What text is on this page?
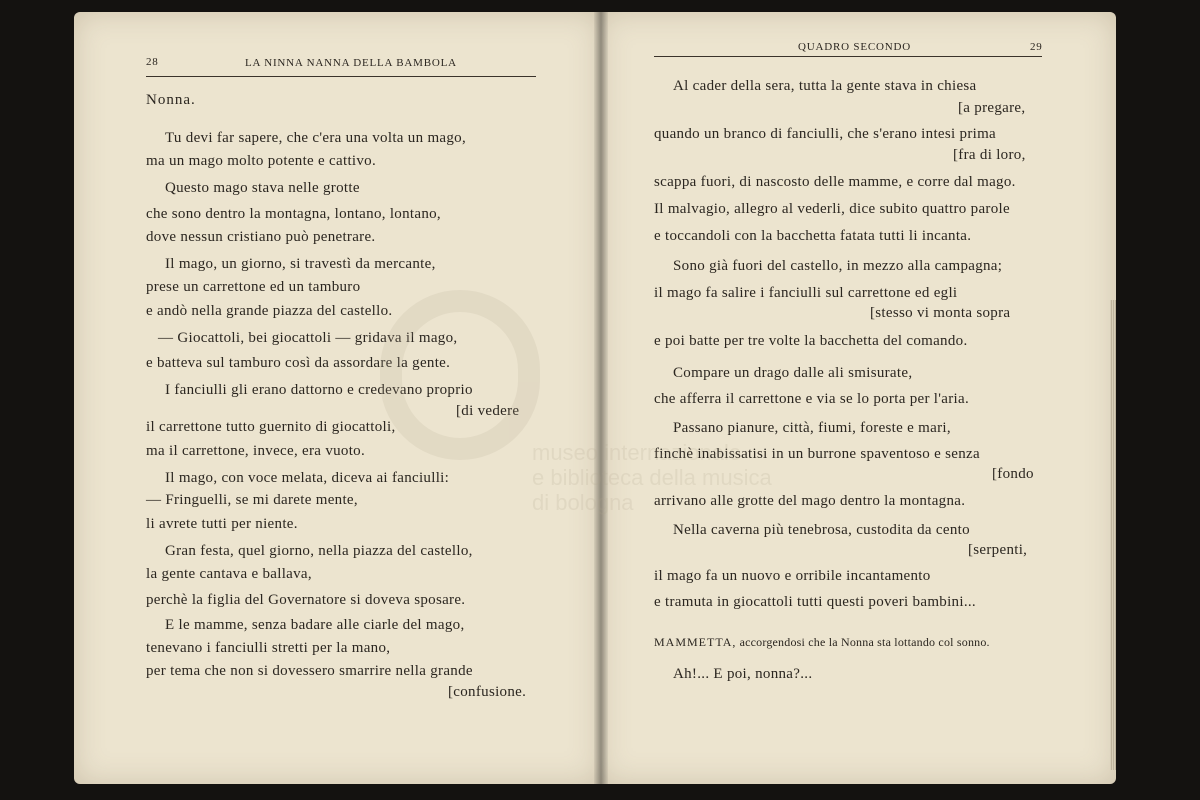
28	LA NINNA NANNA DELLA BAMBOLA
QUADRO SECONDO	29
Nonna.
Tu devi far sapere, che c'era una volta un mago,
ma un mago molto potente e cattivo.
Questo mago stava nelle grotte
che sono dentro la montagna, lontano, lontano,
dove nessun cristiano può penetrare.
Il mago, un giorno, si travestì da mercante,
prese un carrettone ed un tamburo
e andò nella grande piazza del castello.
— Giocattoli, bei giocattoli — gridava il mago,
e batteva sul tamburo così da assordare la gente.
I fanciulli gli erano dattorno e credevano proprio
[di vedere
il carrettone tutto guernito di giocattoli,
ma il carrettone, invece, era vuoto.
Il mago, con voce melata, diceva ai fanciulli:
— Fringuelli, se mi darete mente,
li avrete tutti per niente.
Gran festa, quel giorno, nella piazza del castello,
la gente cantava e ballava,
perchè la figlia del Governatore si doveva sposare.
E le mamme, senza badare alle ciarle del mago,
tenevano i fanciulli stretti per la mano,
per tema che non si dovessero smarrire nella grande
[confusione.
Al cader della sera, tutta la gente stava in chiesa
[a pregare,
quando un branco di fanciulli, che s'erano intesi prima
[fra di loro,
scappa fuori, di nascosto delle mamme, e corre dal mago.
Il malvagio, allegro al vederli, dice subito quattro parole
e toccandoli con la bacchetta fatata tutti li incanta.
Sono già fuori del castello, in mezzo alla campagna;
il mago fa salire i fanciulli sul carrettone ed egli
[stesso vi monta sopra
e poi batte per tre volte la bacchetta del comando.
Compare un drago dalle ali smisurate,
che afferra il carrettone e via se lo porta per l'aria.
Passano pianure, città, fiumi, foreste e mari,
finchè inabissatisi in un burrone spaventoso e senza
[fondo
arrivano alle grotte del mago dentro la montagna.
Nella caverna più tenebrosa, custodita da cento
[serpenti,
il mago fa un nuovo e orribile incantamento
e tramuta in giocattoli tutti questi poveri bambini...
MAMMETTA, accorgendosi che la Nonna sta lottando col sonno.
Ah!... E poi, nonna?...
